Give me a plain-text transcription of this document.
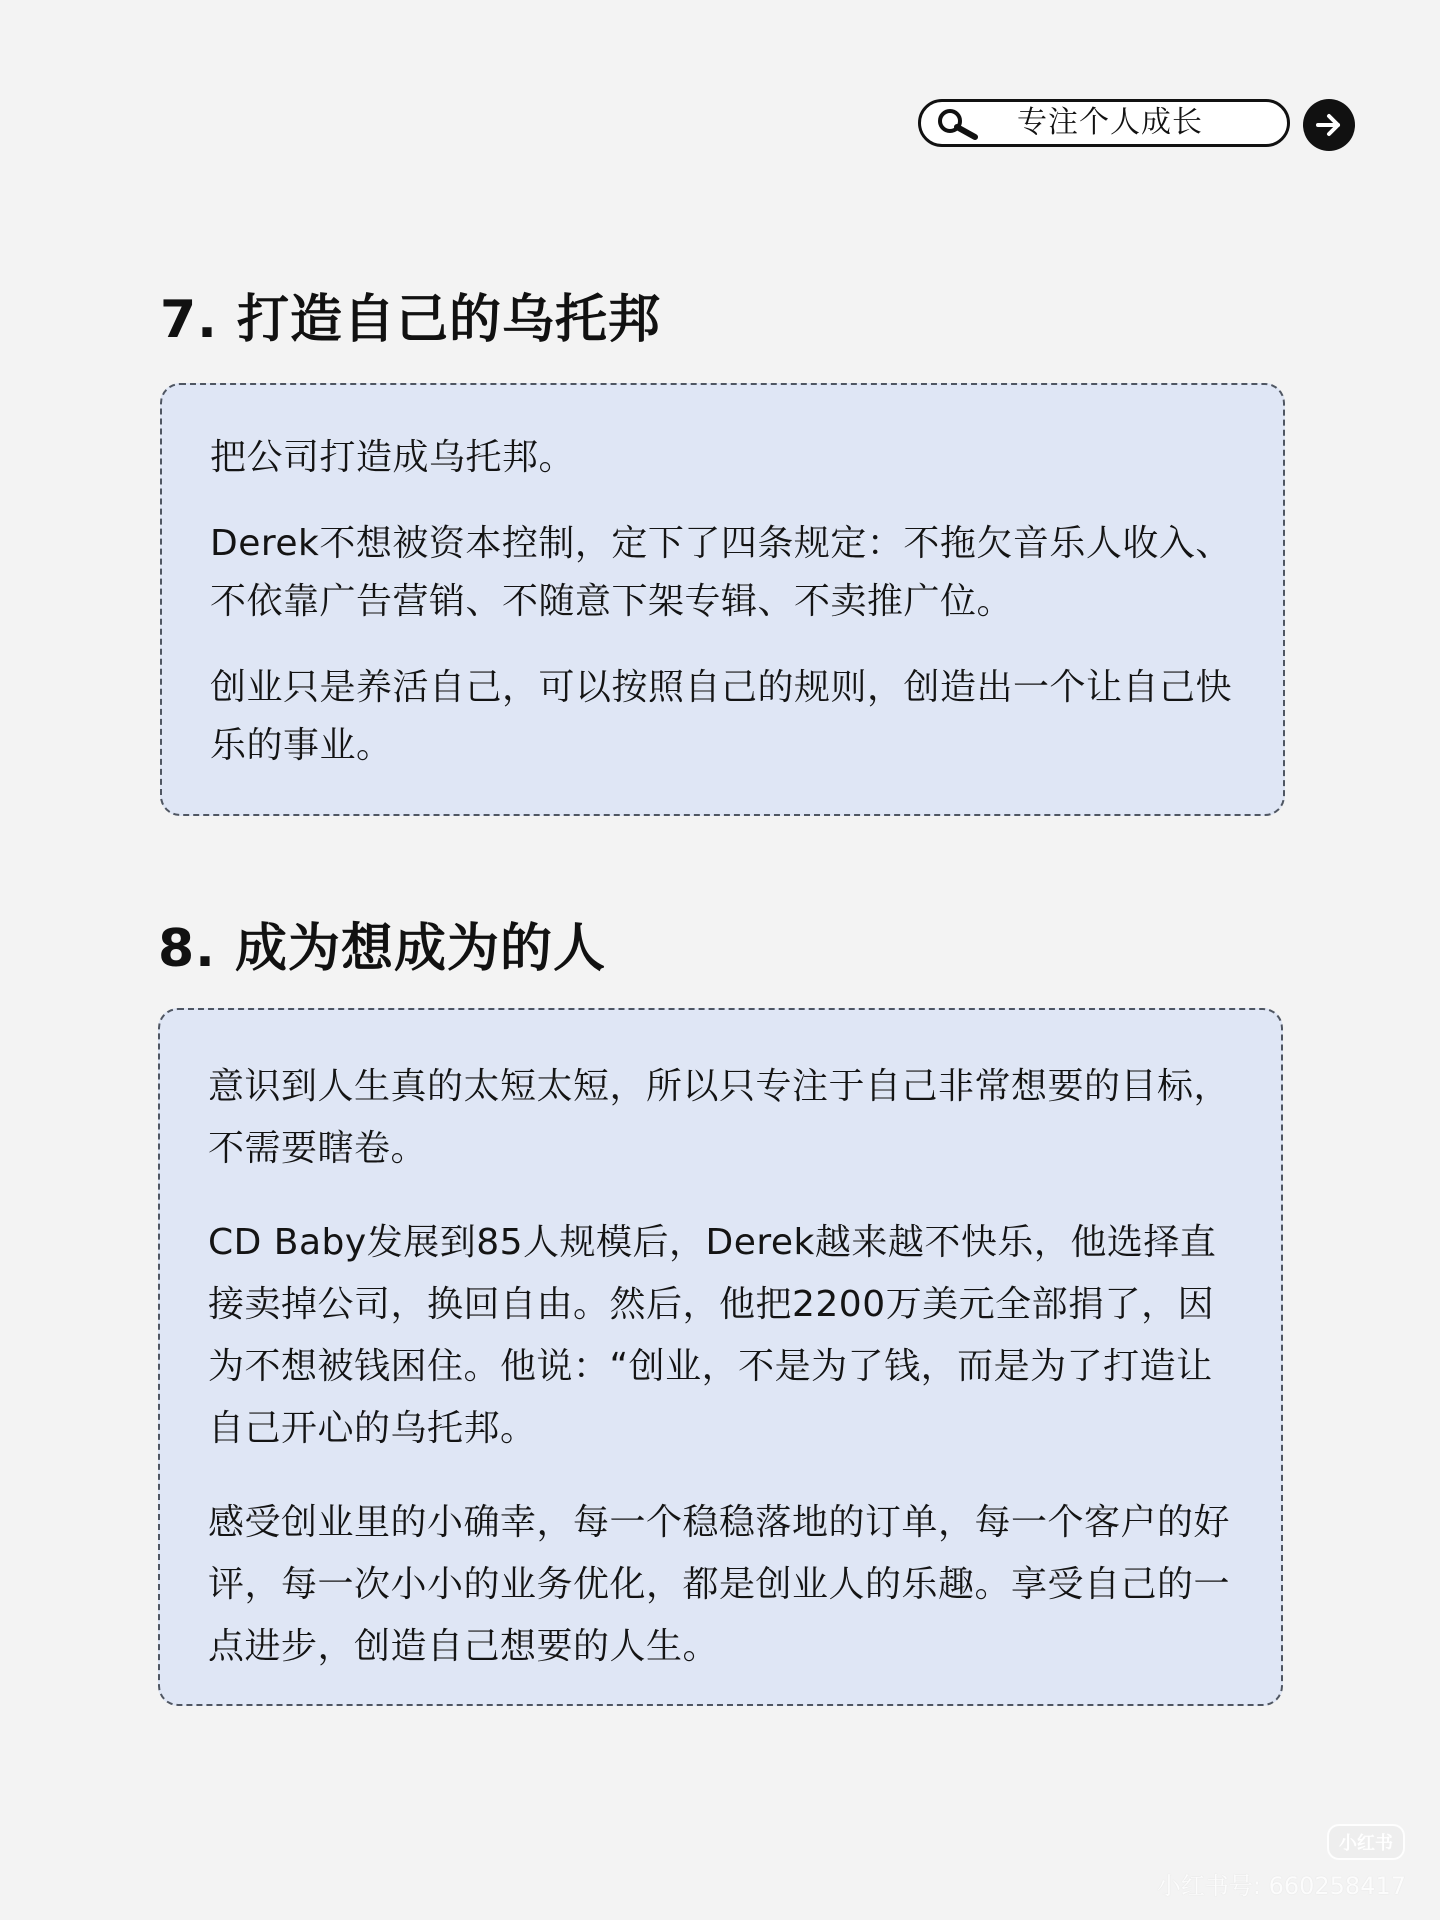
专注个人成长
7. 打造自己的乌托邦

把公司打造成乌托邦。

Derek不想被资本控制，定下了四条规定：不拖欠音乐人收入、不依靠广告营销、不随意下架专辑、不卖推广位。

创业只是养活自己，可以按照自己的规则，创造出一个让自己快乐的事业。

8. 成为想成为的人

意识到人生真的太短太短，所以只专注于自己非常想要的目标，不需要瞎卷。

CD Baby发展到85人规模后，Derek越来越不快乐，他选择直接卖掉公司，换回自由。然后，他把2200万美元全部捐了，因为不想被钱困住。他说：“创业，不是为了钱，而是为了打造让自己开心的乌托邦。

感受创业里的小确幸，每一个稳稳落地的订单，每一个客户的好评，每一次小小的业务优化，都是创业人的乐趣。享受自己的一点进步，创造自己想要的人生。

小红书
小红书号: 660258417
